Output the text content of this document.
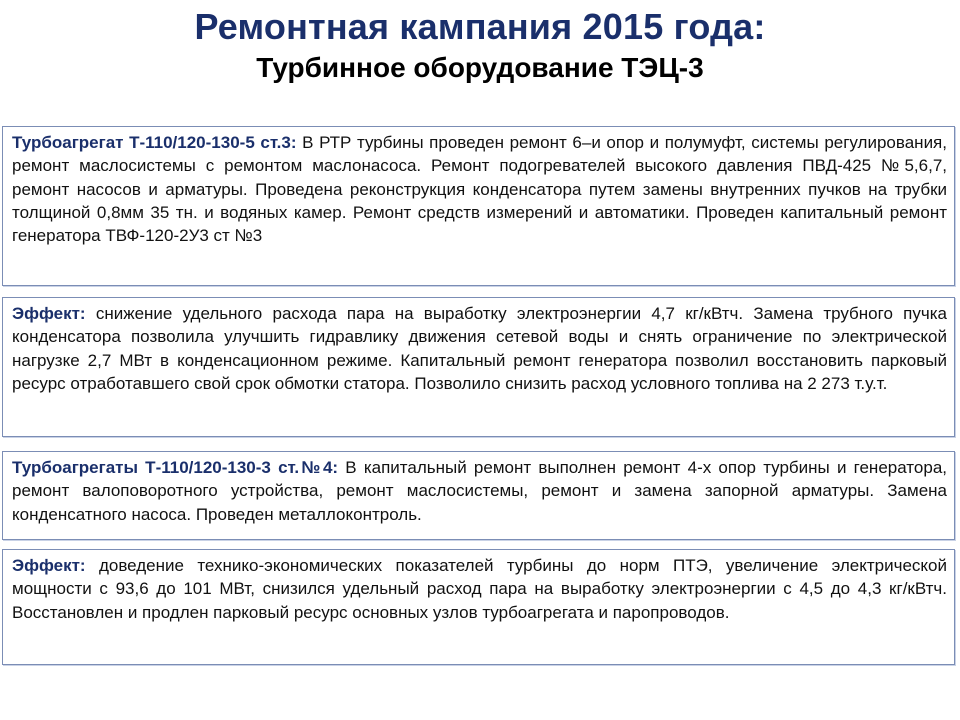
Ремонтная кампания 2015 года:
Турбинное оборудование ТЭЦ-3
Турбоагрегат Т-110/120-130-5 ст.3: В РТР турбины проведен ремонт 6–и опор и полумуфт, системы регулирования, ремонт маслосистемы с ремонтом маслонасоса. Ремонт подогревателей высокого давления ПВД-425 №5,6,7, ремонт насосов и арматуры. Проведена реконструкция конденсатора путем замены внутренних пучков на трубки толщиной 0,8мм 35 тн. и водяных камер. Ремонт средств измерений и автоматики. Проведен капитальный ремонт генератора ТВФ-120-2У3 ст №3
Эффект: снижение удельного расхода пара на выработку электроэнергии 4,7 кг/кВтч. Замена трубного пучка конденсатора позволила улучшить гидравлику движения сетевой воды и снять ограничение по электрической нагрузке 2,7 МВт в конденсационном режиме. Капитальный ремонт генератора позволил восстановить парковый ресурс отработавшего свой срок обмотки статора. Позволило снизить расход условного топлива на 2 273 т.у.т.
Турбоагрегаты Т-110/120-130-3 ст.№4: В капитальный ремонт выполнен ремонт 4-х опор турбины и генератора, ремонт валоповоротного устройства, ремонт маслосистемы, ремонт и замена запорной арматуры. Замена конденсатного насоса. Проведен металлоконтроль.
Эффект: доведение технико-экономических показателей турбины до норм ПТЭ, увеличение электрической мощности с 93,6 до 101 МВт, снизился удельный расход пара на выработку электроэнергии с 4,5 до 4,3 кг/кВтч. Восстановлен и продлен парковый ресурс основных узлов турбоагрегата и паропроводов.
